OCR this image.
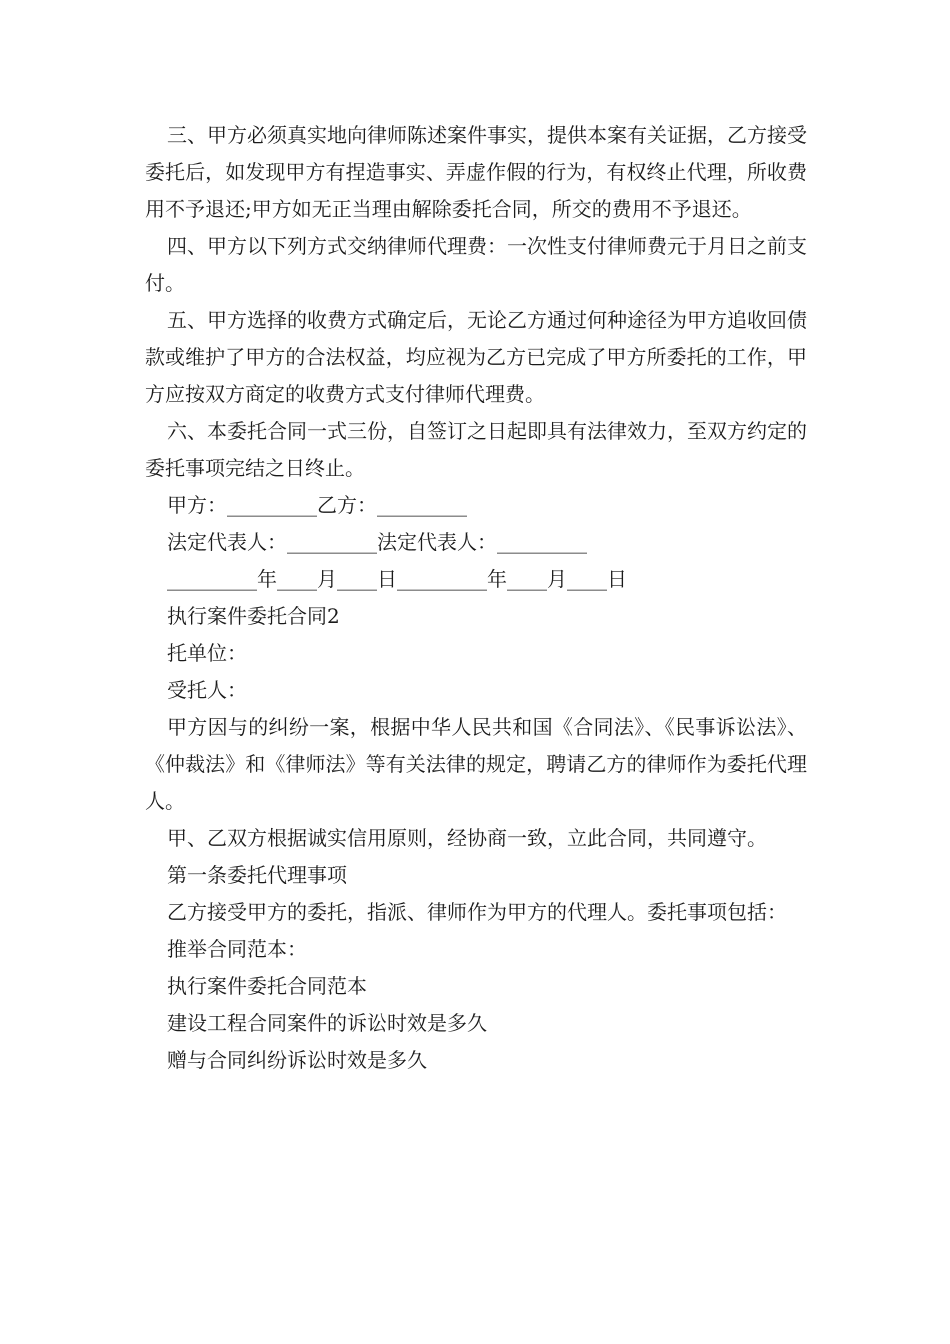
三、甲方必须真实地向律师陈述案件事实，提供本案有关证据，乙方接受委托后，如发现甲方有捏造事实、弄虚作假的行为，有权终止代理，所收费用不予退还;甲方如无正当理由解除委托合同，所交的费用不予退还。

四、甲方以下列方式交纳律师代理费：一次性支付律师费元于月日之前支付。

五、甲方选择的收费方式确定后，无论乙方通过何种途径为甲方追收回债款或维护了甲方的合法权益，均应视为乙方已完成了甲方所委托的工作，甲方应按双方商定的收费方式支付律师代理费。

六、本委托合同一式三份，自签订之日起即具有法律效力，至双方约定的委托事项完结之日终止。

甲方：_________乙方：_________

法定代表人：_________法定代表人：_________

_________年____月____日_________年____月____日

执行案件委托合同2

托单位：

受托人：

甲方因与的纠纷一案，根据中华人民共和国《合同法》、《民事诉讼法》、《仲裁法》和《律师法》等有关法律的规定，聘请乙方的律师作为委托代理人。

甲、乙双方根据诚实信用原则，经协商一致，立此合同，共同遵守。

第一条委托代理事项

乙方接受甲方的委托，指派、律师作为甲方的代理人。委托事项包括：

推举合同范本：

执行案件委托合同范本

建设工程合同案件的诉讼时效是多久

赠与合同纠纷诉讼时效是多久
